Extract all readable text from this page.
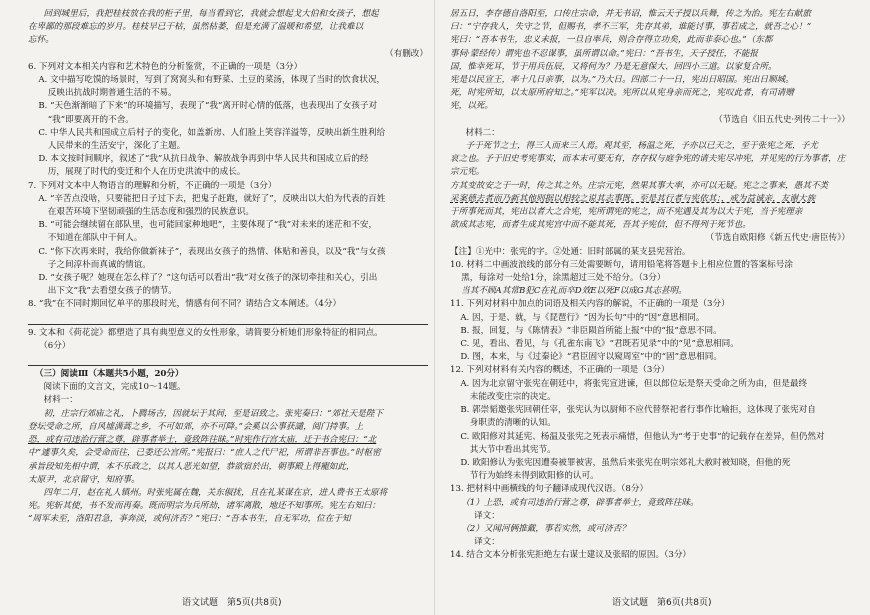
回到城里后，我把桂枝放在我的柜子里，每当看到它，我就会想起戈大伯和女孩子，想起

在卑鄙的那段难忘的岁月。桂枝早已干枯，虽然枯萎，但是充满了温暖和希望，让我难以

忘怀。

（有删改）

6. 下列对文本相关内容和艺术特色的分析鉴赏，不正确的一项是（3分）

A. 文中描写吃馍的场景时，写到了窝窝头和有野菜、土豆的菜汤，体现了当时的饮食状况，

反映出抗战时期普通生活的不易。

B. “天色渐渐暗了下来”的环境描写，表现了“我”离开时心情的低落，也表现出了女孩子对

“我”即要离开的不舍。

C. 中华人民共和国成立后村子的变化，如盖新房、人们脸上笑容洋溢等，反映出新生胜利给

人民带来的生活安宁，深化了主题。

D. 本文按时间顺序，叙述了“我”从抗日战争、解放战争再到中华人民共和国成立后的经

历，展现了时代的变迁和个人在历史洪流中的成长。

7. 下列对文本中人物语言的理解和分析，不正确的一项是（3分）

A. “辛苦点没啥，只要能把日子过下去，把鬼子赶跑，就好了”，反映出以大伯为代表的百姓

在艰苦环境下坚韧顽强的生活态度和强烈的民族意识。

B. “可能会继续留在部队里，也可能回家种地吧”，主要体现了“我”对未来的迷茫和不安，

不知道在部队中干何人。

C. “你下次再来时，我给你做新袜子”，表现出女孩子的热情、体贴和善良，以及“我”与女孩

子之间淳朴而真诚的情谊。

D. “女孩子呢？她现在怎么样了？”这句话可以看出“我”对女孩子的深切牵挂和关心，引出

出下文“我”去看望女孩子的情节。

8. “我”在不同时期回忆单平的那段时光，情感有何不同？请结合文本阐述。（4分）

9. 文本和《荷花淀》都塑造了具有典型意义的女性形象，请简要分析她们形象特征的相同点。

（6分）

（三）阅读Ⅲ（本题共5小题，20分）

阅读下面的文言文，完成10～14题。

材料一：

初，庄宗行郊庙之礼，卜腾场吉，因就坛于其间，至是诏致之。张宪奏曰：“郊社天是陛下

登坛受命之所，自风墟满蒿之乡，不可如郊，亦不可降。”会奚以公事获譴，阅门持事。上

恐，或有司违治行营之尊，辟事者举士，竟致阵往昧。”时宪作行宫太庙，迁于书合宪曰：“北

中”遽事久矣，会受命而往，已委还公宫所。”宪报曰：“庶人之代尸祀，所谓非吾事也。”时枢密

承旨段知先相中谓，本不乐政之，以其人恶光如望，恭欲宿於出，朝事殿上得寵如此，

太原尹，北京留守，知府事。

四年二月，赵在礼人镇州。时张宪属在魏，关东俶扰，且在礼某谋在京，进人费书王太原将

宪。宪斩其使，书不发而再奏。既而明宗为兵所劫，诸军离散，地还不知事所。宪左右知曰：

“周军未至，洛阳君急，亊奔淡，或何济否？”宪曰：“吾本书生，自无军功，位在于知

居五日，李存德自洛阳至，口传庄宗命，并无书诏，惟云天子授以兵舞，传之为治。宪左右献旅

曰：“宁存我人，失守之节，但赐书，孝不三军，先存其弟，谁能讨事，事若成之，就吾之心！”

宪曰：“吾本书生，忠义未报，一旦自率兵，则合存得立功矣，此而非泰心也。”（东都

事伺·蒙经传）谓宪也不忍谋事，虽所谓以命。”宪曰：“吾书生，天子授任，不能报

国，惟幸死耳，节于用兵伍辰，又将何为？乃是无意保大、回四小三道。以家复合所。

宪是以民宣王，率十几日亲事，以为。”乃大日。四部二十一日，宪出日昭国。宪出日顺城。

死，时宪所知，以太原所府知之。”宪军以决。宪所以从宪身亲而死之，宪叹此者，有司请赠

宪，以死。

（节选自《旧五代史·列传二十一》）

材料二：

予于死节之士，得三人而来三人焉。观其至，杨温之死，予亦以已天之，至于张宪之死，予尤

哀之也。予于旧史考宪事实，而本末可要无有，存存权与庭争宪的请夫宪尽冲宪，并见宪的行为事者，庄宗元宪。

方其变故安之于一时，传之其之外。庄宗元宪，然果其事大率，亦可以无疑。宪之之事来，愚其不类

采案德去者而乃新其他则据以相较之说其志事既。至是其行者与宪依其：，戒为益诚亲，友谢大族

于所事死而其，宪出以者大之合宪，宪所谓宪的宪之，而不宪遇及其为以大于宪，当予宪理亲

欲成其志宪，而者生成其宪宫中而不能其死，吾其予宪信，但不得列于死节也。

（节选自欧阳修《新五代史·唐臣传》）

【注】①光中：张宪的字。②处通：旧时部属的某支县宪营治。

10. 材料二中画波浪线的部分有三处需要断句，请用铅笔将答题卡上相应位置的答案标号涂

黑，每涂对一处给1分，涂黑超过三处不给分。（3分）

当其不顾A其常B犯C在礼而卒D效E以死F以成G其志甚明。

11. 下列对材料中加点的词语及相关内容的解说，不正确的一项是（3分）

A. 因，于是、就，与《琵琶行》“因为长句”中的“因”意思相同。

B. 报，回复，与《陈情表》“非臣陨首所能上报”中的“报”意思不同。

C. 见，看出、看见，与《孔雀东南飞》“君既若见录”中的“见”意思相同。

D. 图，本来，与《过秦论》“君臣固守以窥周室”中的“固”意思相同。

12. 下列对材料有关内容的概述，不正确的一项是（3分）

A. 因为北京留守张宪在朝廷中，将张宪宣进谏，但以郎位坛是祭天受命之所为由，但是最终

未能改变庄宗的决定。

B. 郭崇韬邀张宪回朝任宰，张宪认为以厨师不应代替祭祀者行事作比喻拒，这体现了张宪对自

身职责的清晰的认知。

C. 欧阳修对其延宪、杨温及张宪之死表示痛惜，但他认为“考于史事”的记载存在差异，但仍然对

其大节中看出其宪节。

D. 欧阳修认为张宪因遭奏被罪被害，虽然后来张宪在明宗郊礼大赦时被知晓，但他的死

节行为始终未得到欧阳修的认可。

13. 把材料中画横线的句子翻译成现代汉语。（8分）

（1）上恐，或有司违治行营之尊，辟事者举士，竟致阵往昧。

译文：

（2）又闻河俩推戴，事若实然，或可济否？

译文：

14. 结合文本分析张宪拒绝左右谋士建议及张昭的原因。（3分）

语文试题　第5页(共8页)	语文试题　第6页(共8页)
